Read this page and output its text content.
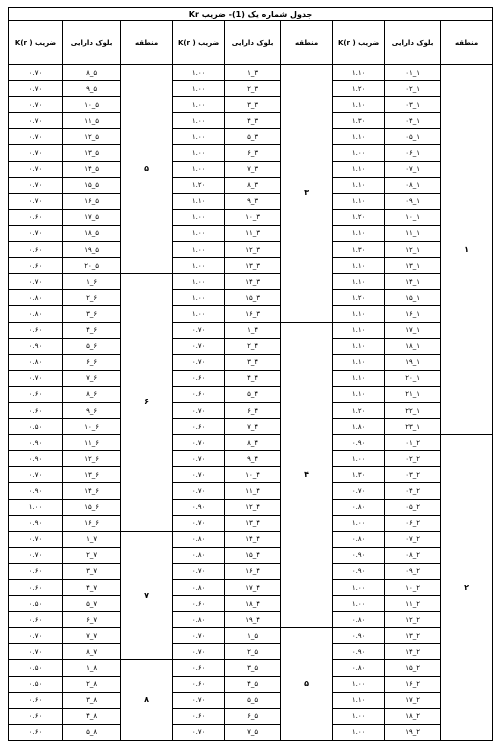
جدول شماره یک (1)- ضریب Kr								
منطقه	بلوک دارایی	ضریب ( K(r	منطقه	بلوک دارایی	ضریب ( K(r	منطقه	بلوک دارایی	ضریب ( K(r
۱	۱_۰۱	۱.۱۰	۳	۳_۱	۱.۰۰	۵	۵_۸	۰.۷۰
	۱_۰۲	۱.۲۰		۳_۲	۱.۰۰		۵_۹	۰.۷۰
	۱_۰۳	۱.۱۰		۳_۳	۱.۰۰		۵_۱۰	۰.۷۰
	۱_۰۴	۱.۳۰		۳_۴	۱.۰۰		۵_۱۱	۰.۷۰
	۱_۰۵	۱.۱۰		۳_۵	۱.۰۰		۵_۱۲	۰.۷۰
	۱_۰۶	۱.۰۰		۳_۶	۱.۰۰		۵_۱۳	۰.۷۰
	۱_۰۷	۱.۱۰		۳_۷	۱.۰۰		۵_۱۴	۰.۷۰
	۱_۰۸	۱.۱۰		۳_۸	۱.۲۰		۵_۱۵	۰.۷۰
	۱_۰۹	۱.۱۰		۳_۹	۱.۱۰		۵_۱۶	۰.۷۰
	۱_۱۰	۱.۲۰		۳_۱۰	۱.۰۰		۵_۱۷	۰.۶۰
	۱_۱۱	۱.۱۰		۳_۱۱	۱.۰۰		۵_۱۸	۰.۷۰
	۱_۱۲	۱.۳۰		۳_۱۲	۱.۰۰		۵_۱۹	۰.۶۰
	۱_۱۳	۱.۱۰		۳_۱۳	۱.۰۰		۵_۲۰	۰.۶۰
	۱_۱۴	۱.۱۰		۳_۱۴	۱.۰۰	۶	۶_۱	۰.۷۰
	۱_۱۵	۱.۲۰		۳_۱۵	۱.۰۰		۶_۲	۰.۸۰
	۱_۱۶	۱.۱۰		۳_۱۶	۱.۰۰		۶_۳	۰.۸۰
	۱_۱۷	۱.۱۰	۴	۴_۱	۰.۷۰		۶_۴	۰.۶۰
	۱_۱۸	۱.۱۰		۴_۲	۰.۷۰		۶_۵	۰.۹۰
	۱_۱۹	۱.۱۰		۴_۳	۰.۷۰		۶_۶	۰.۸۰
	۱_۲۰	۱.۱۰		۴_۴	۰.۶۰		۶_۷	۰.۷۰
	۱_۲۱	۱.۱۰		۴_۵	۰.۶۰		۶_۸	۰.۶۰
	۱_۲۲	۱.۲۰		۴_۶	۰.۷۰		۶_۹	۰.۶۰
	۱_۲۳	۱.۸۰		۴_۷	۰.۶۰		۶_۱۰	۰.۵۰
۲	۲_۰۱	۰.۹۰		۴_۸	۰.۷۰		۶_۱۱	۰.۹۰
	۲_۰۲	۱.۰۰		۴_۹	۰.۷۰		۶_۱۲	۰.۹۰
	۲_۰۳	۱.۳۰		۴_۱۰	۰.۷۰		۶_۱۳	۰.۷۰
	۲_۰۴	۰.۷۰		۴_۱۱	۰.۷۰		۶_۱۴	۰.۹۰
	۲_۰۵	۰.۸۰		۴_۱۲	۰.۹۰		۶_۱۵	۱.۰۰
	۲_۰۶	۱.۰۰		۴_۱۳	۰.۷۰		۶_۱۶	۰.۹۰
	۲_۰۷	۰.۸۰		۴_۱۴	۰.۸۰	۷	۷_۱	۰.۷۰
	۲_۰۸	۰.۹۰		۴_۱۵	۰.۸۰		۷_۲	۰.۷۰
	۲_۰۹	۰.۹۰		۴_۱۶	۰.۷۰		۷_۳	۰.۶۰
	۲_۱۰	۱.۰۰		۴_۱۷	۰.۸۰		۷_۴	۰.۶۰
	۲_۱۱	۱.۰۰		۴_۱۸	۰.۶۰		۷_۵	۰.۵۰
	۲_۱۲	۰.۸۰		۴_۱۹	۰.۸۰		۷_۶	۰.۶۰
	۲_۱۳	۰.۹۰	۵	۵_۱	۰.۷۰		۷_۷	۰.۷۰
	۲_۱۴	۰.۹۰		۵_۲	۰.۷۰		۷_۸	۰.۷۰
	۲_۱۵	۰.۸۰		۵_۳	۰.۶۰	۸	۸_۱	۰.۵۰
	۲_۱۶	۱.۰۰		۵_۴	۰.۶۰		۸_۲	۰.۵۰
	۲_۱۷	۱.۱۰		۵_۵	۰.۷۰		۸_۳	۰.۶۰
	۲_۱۸	۱.۰۰		۵_۶	۰.۶۰		۸_۴	۰.۶۰
	۲_۱۹	۱.۰۰		۵_۷	۰.۷۰		۸_۵	۰.۶۰
